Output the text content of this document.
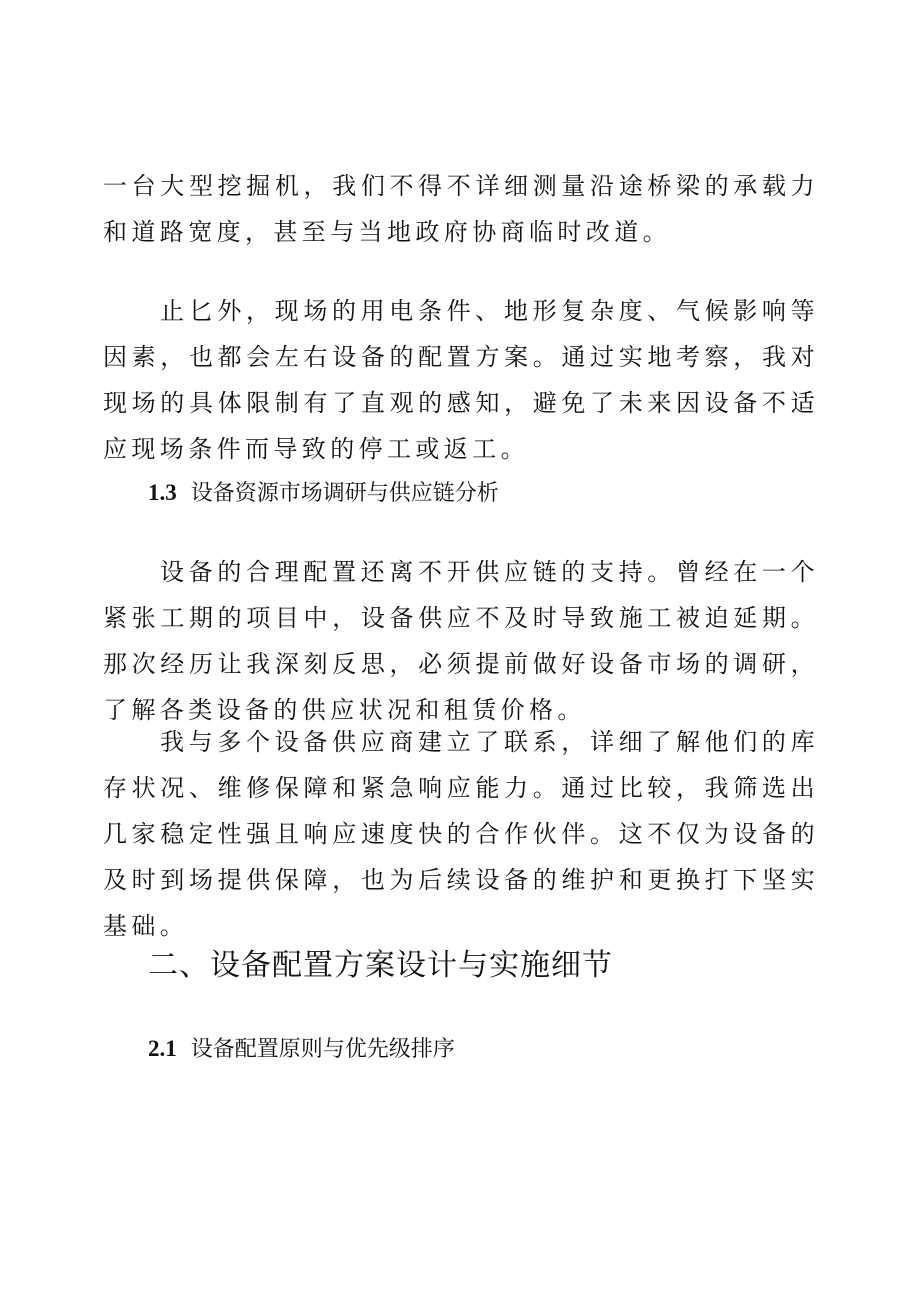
一台大型挖掘机，我们不得不详细测量沿途桥梁的承载力和道路宽度，甚至与当地政府协商临时改道。

止匕外，现场的用电条件、地形复杂度、气候影响等因素，也都会左右设备的配置方案。通过实地考察，我对现场的具体限制有了直观的感知，避免了未来因设备不适应现场条件而导致的停工或返工。

1.3 设备资源市场调研与供应链分析

设备的合理配置还离不开供应链的支持。曾经在一个紧张工期的项目中，设备供应不及时导致施工被迫延期。那次经历让我深刻反思，必须提前做好设备市场的调研，了解各类设备的供应状况和租赁价格。

我与多个设备供应商建立了联系，详细了解他们的库存状况、维修保障和紧急响应能力。通过比较，我筛选出几家稳定性强且响应速度快的合作伙伴。这不仅为设备的及时到场提供保障，也为后续设备的维护和更换打下坚实基础。

二、设备配置方案设计与实施细节
2.1 设备配置原则与优先级排序
